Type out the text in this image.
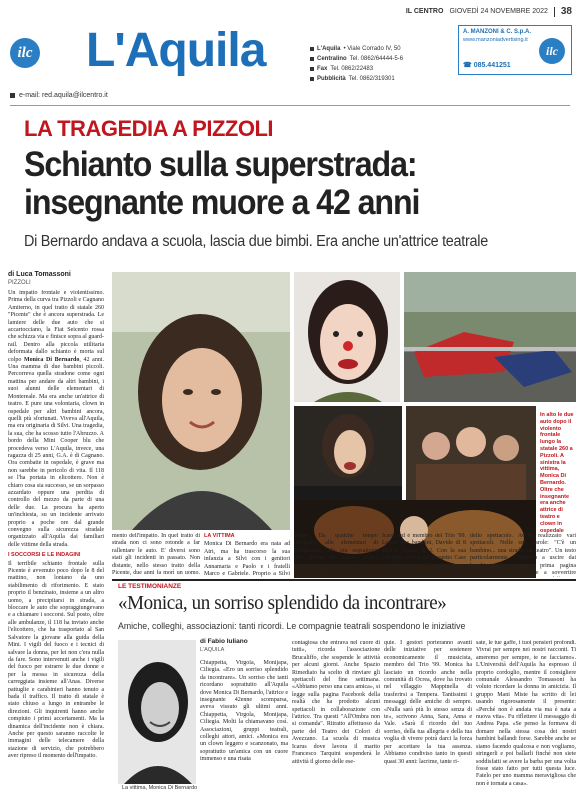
IL CENTRO GIOVEDÌ 24 NOVEMBRE 2022 38
ilc L'Aquila	L'Aquila • Viale Corrado IV, 50
Centralino Tel. 0862/64444-5-6
Fax Tel. 0862/22483
Pubblicità Tel. 0862/319301
A. MANZONI & C. S.p.A.
www.manzoniadvertising.it
ilc
☎ 085.441251
e-mail: red.aquila@ilcentro.it
LA TRAGEDIA A PIZZOLI
Schianto sulla superstrada:
insegnante muore a 42 anni
Di Bernardo andava a scuola, lascia due bimbi. Era anche un'attrice teatrale
di Luca Tomassoni
PIZZOLI
Un impatto frontale e violentissimo. Prima della curva tra Pizzoli e Cagnano Amiterno, in quel tratto di statale 260 "Picente" che è ancora superstrada. Le lamiere delle due auto che si accartocciano, la Fiat Seicento rossa che schizza via e finisce sopra al guard-rail. Dentro alla piccola utilitaria deformata dallo schianto è morta sul colpo Monica Di Bernardo, 42 anni. Una mamma di due bambini piccoli. Percorreva quella stradone come ogni mattina per andare da altri bambini, i suoi alunni delle elementari di Montereale. Ma era anche un'attrice di teatro. E pure una volontaria, clown in ospedale per altri bambini ancora, quelli più sfortunati. Viveva all'Aquila, ma era originaria di Silvi. Una tragedia, la sua, che ha scosso tutto l'Abruzzo. A bordo della Mini Cooper blu che procedeva verso L'Aquila, invece, una ragazza di 25 anni, G.A. è di Cagnano. Ora combatte in ospedale, è grave ma non sarebbe in pericolo di vita. Il 118 se l'ha portata in elicottero. Non è chiaro cosa sia successo, se un sorpasso azzardato oppure una perdita di controllo del mezzo da parte di una delle due. La procura ha aperto un'inchiesta, su un incidente arrivato proprio a poche ore dal grande convegno sulla sicurezza stradale organizzato all'Aquila dai familiari delle vittime della strada.
I SOCCORSI E LE INDAGINI
Il terribile schianto frontale sulla Picente è avvenuto poco dopo le 8 del mattino, non lontano da uno stabilimento di riforimento. E stato proprio il benzinaio, insieme a un altro uomo, a precipitarsi in strada, a bloccare le auto che sopraggiungevano e a chiamare i soccorsi. Sul posto, oltre alle ambulanze, il 118 ha inviato anche l'elicottero, che ha trasportato al San Salvatore la giovane alla guida della Mini. I vigili del fuoco e i tecnici di salvare la donna, per lei non c'era nulla da fare. Sono intervenuti anche i vigili del fuoco per estrarre le due donne e per la messa in sicurezza della carreggiata insieme all'Anas. Diverse pattuglie e carabinieri hanno tenuto a bada il traffico. Il tratto di statale è stato chiuso a lungo in entrambe le direzioni. Gli inquirenti hanno anche compiuto i primi accertamenti. Ma la dinamica dell'incidente non è chiara. Anche per questo saranno raccolte le immagini delle telecamere della stazione di servizio, che potrebbero aver ripreso il momento dell'impatto.
mento dell'impatto. In quel tratto di strada non ci sono rotonde a far rallentare le auto. E' diversi sono stati gli incidenti in passato. Non distante, nello stesso tratto della Picente, due anni fa morì un uomo.
LA VITTIMA
Monica Di Bernardo era nata ad Atri, ma ha trascorso la sua infanzia a Silvi con i genitori Annamaria e Paolo e i fratelli Marco e Gabriele. Proprio a Silvi
In alto le due auto dopo il violento frontale lungo la statale 260 a Pizzoli. A sinistra la vittima, Monica Di Bernardo. Oltre che insegnante era anche attrice di teatro e clown in ospedale
seppe. Da qualche tempo insegnava alle elementari di Montereale. Ma era soprattutto una donna di teatro. Aveva lavorato anche come clown in corsia in ospedale all'Aquila, con
Icarus ed è membro del Trio '99. Lascia due bambini, Davide di 8 anni e Nicola di 2. Con la sua famiglia viveva nel progetto Case di Tempera. All'Aquila aveva frequentato a lungo l'università ed
dello spettacolo. Aveva realizzato vari spettacoli. Nelle sue parole: "C'è un bambino... una strada, un teatro". Un testo particolarmente. Chiamato a uscire dai luoghi impiegati. Nella prima pagina scriveva: «Vorrei provare a sovvertire
LE TESTIMONIANZE
«Monica, un sorriso splendido da incontrare»
Amiche, colleghi, associazioni: tanti ricordi. Le compagnie teatrali sospendono le iniziative
La vittima, Monica Di Bernardo
di Fabio Iuliano
L'AQUILA
Chiappetta, Virgola, Monijapa, Ciliegia. «Ero un sorriso splendido da incontrare». Un sorriso che tanti ricordano soprattutto all'Aquila dove Monica Di Bernardo, l'attrice e insegnante 42enne scomparsa, aveva vissuto gli ultimi anni. Chiappetta, Virgola, Monijapa, Ciliegia. Molti la chiamavano così. Associazioni, gruppi teatrali, colleghi attori, amici. «Monica era un clown leggero e scanzonato, ma soprattutto un'amica con un cuore immenso e una risata
contagiosa che entrava nel cuore di tutti», ricorda l'associazione Brucaliffo, che sospende le attività per alcuni giorni. Anche Spazio Rimediato ha scelto di rinviare gli spettacoli del fine settimana. «Abbiamo perso una cara amica», si legge sulla pagina Facebook della realtà che ha prodotto alcuni spettacoli in collaborazione con l'attrice. Tra questi "All'Ombra non si comanda". Ritratto affettuoso da parte del Teatro dei Colori di Avezzano. La scuola di musica Icarus dove lavora il marito Francesco Tarquini sospenderà le attività il giorno delle ese-
quie. I gestori porteranno avanti delle iniziative per sostenere economicamente il musicista, membro del Trio '99. Monica ha lasciato un ricordo anche nella comunità di Ocrea, dove ha trovato nel villaggio Mappinella di trasferirsi a Tempera. Tantissimi i messaggi delle amiche di sempre. «Nulla sarà più lo stesso senza di te», scrivono Anna, Sara, Anna e Vale. «Sarà il ricordo del tuo sorriso, della tua allegria e della tua voglia di vivere potrà darci la forza per accettare la tua assenza. Abbiamo condiviso tanto in questi quasi 30 anni: lacrime, tante ri-
sate, le tue gaffe, i tuoi pensieri profondi. Vivrai per sempre nei nostri racconti. Ti ameremo per sempre, te ne facciamo». L'Università dell'Aquila ha espresso il proprio cordoglio, mentre il consigliere comunale Alessandro Tomassoni ha voluto ricordare la donna in amicizia. Il gruppo Mani Miste ha scritto di lei usando rigorosamente il presente: «Perché non è andata via ma è nata a nuova vita». Fu riflettere il messaggio di Andrea Papa. «Se penso la formava di domare nella stessa cosa dei nostri bambini ballandi forse. Sarebbe anche se siamo facendo qualcosa e non vogliamo, stringerli e poi ballarli finché non siete soddisfatti se avere la barba per una volta fosse stato fatto per tutti questa luce. Fatelo per uno mamma meravigliosa che non è tornata a casa».
